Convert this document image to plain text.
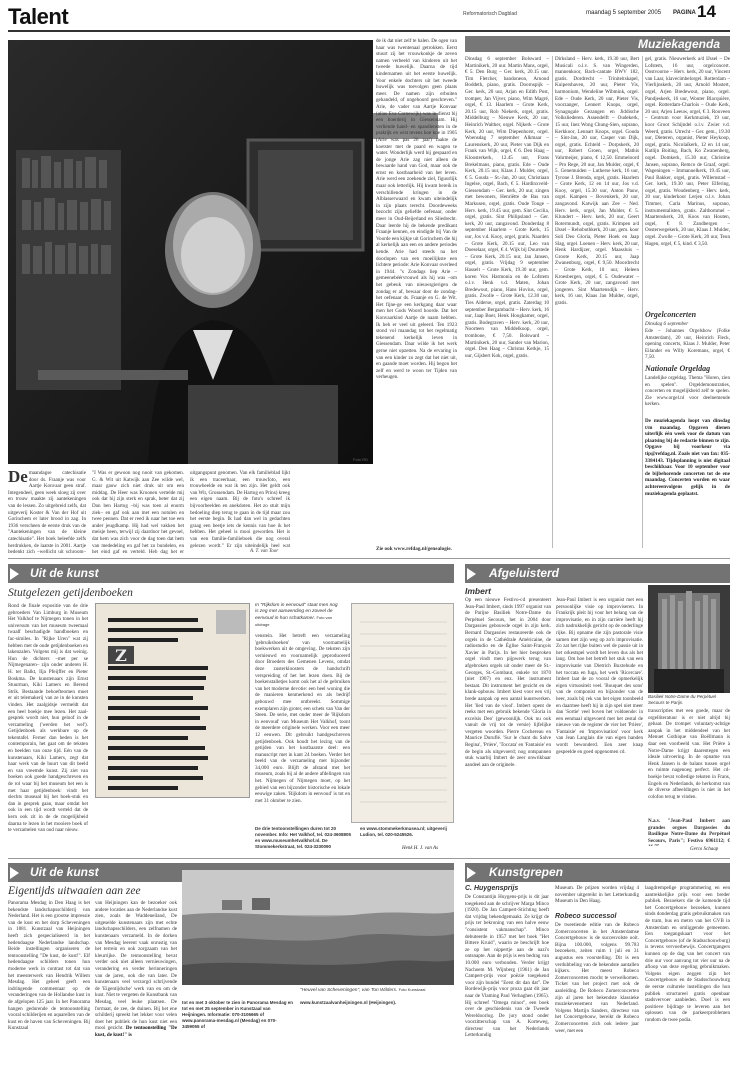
Talent	Reformatorisch Dagblad	maandag 5 september 2005 PAGINA 14
Foto RD
De maandagse catechisatie door ds. Fraanje was voor Aartje Konvaar geen straf. Integendeel, geen week sloeg zij over en trouw maakte zij aantekeningen van de lessen. Zo uitgebreid zelfs, dat uitgeverij Koster & Van der Hof uit Gorinchem er later brood in zag. In 1936 verscheen de eerste druk van de "Aantekeningen van de kleine catechisatie". Het boek beleefde zelfs herdrukken, de laatste in 2001. Aartje bedenkt zich –wellicht uit schroom–
"I Was er gewoon nog nooit van gekomen. G. & Wit uit Katwijk aan Zee wilde wel, maar gauw zich niet druk uit om een middag. De Heer was Kroonen vertelde mij ook dat hij zijn sterk en sprak, beter dat zij Dan ben Hartog –bij was toen al enorm ziek– en gaf ook aan met een notulen en twee pennen. Dat er reed ik naar het toe een ander jeugdkamp. Hij had wel vakken het meisje heen, terwijl zij daardoor het gevoel, dat hem was zich voor de dag toen dat hem van mededeling en gaf het zo bundelen, en het eind gaf en verteld. Heb dag het er
uitgangspunt genomen. Van elk familieblad lijkt ik een traceerbaar, een trouwfoto, een trouwbeelde en wat ik ten zijn. Het geldt ook van Wit, Grossendam. De Hartog en Prins) kreeg een eigen naam. Bij de foto's schreef ik bijvoorbeelden en anekdoten. Het zo stuit mijn bedoeling diep terug te gaan in de tijd maar zou het eerste begin. Ik had dan wel in gedachten graag een beetje iets de kennis van hoe ik het hebben. Het geheel is mooi geworden. Het is van een familie-familieboek die nog overal gelezen wordt." Er zijn uiteindelijk heel wat
A. T. van Toor
de ik dat niet zelf te halen. De ogen van haar was twentenaal getrokken. Eerst stuurt zij het vrouwkonkje de zeven namen verbeeld van kinderen uit het tweede huwelijk. Daarna de tijd kindernamen uit het eerste huwelijk. Voor enkele dochters uit het tweede huwelijk was toevolgen geen plaats meer. De namen zijn erbuiten gehandeld, of ongehoord geschreven." Arie, de vader van Aartje Konvaar (alias Eva Cornewijk) was in dienst bij een boerderij in Giessendam. Hij verliende hand- en spandiensten in de praktijk en wist tevens hoe koe in 1905 (Arie was pas 26 jaar) raakte de koetster met de paard en wagen te water. Wonderlijk werd hij gespaard en de jonge Arie zag niet alleen de bewaarde hand van God, maar ook de ernst en kostbaarheid van het leven. Arie werd een zoekende ziel, figuurlijk maar ook letterlijk. Hij kwam bereik in verschillende kringen in de Alblasserwaard en kwam uiteindelijk in zijn plaats terecht. Doordeweeks bezocht zijn geliefde oefenaar, onder meer in Oud-Beijerland en Sliedrecht. Daar leerde hij de bekende predikant Fraanje kennen, en eindigde bij Van de Voorde een kijkje uit Gorinchem die hij al kerkelijk aan een en andere periodes kende. Arie had steeds na het doorlopen van een moeilijkste een lichtere periode: Arie Konvaar overleed in 1944. "s Zondags liep Arie –gemeenebéérvrouwd als hij was –om het gebeuk van nieuwsgierigen de zondag er af, bewaar door de zondag-het oefenaar ds. Fraanje en G. de Wit. Het fijne-ge een kerkgang daar waar men het Gods Woord hoorde. Dat het Konvaarkind Aartje de naam hebben. Ik heb er veel uit geleerd. Ten 1923 stond vol maandag tot het regelmatig tekenend kerkelijk leven in Giessendam. Daar wilde ik het werk gerne niet opzetten. Na de ervaring in van een kinder zo zegt dat het niet uit, en gaande moet worden. Hij begon het zelf en werd te woon ter Tijden van verheugen.
Zie ook www.refdag.nl/genealogie.
Muziekagenda
Dinsdag 6 september Bolsward – Martinikerk, 20 uur. Martin Mans, orgel, € 5. Den Burg – Ger. kerk, 20.15 uur. Tim Fletcher, bandoneon, Arnoud Boddeth, piano, gratis. Doornspijk – Ger. kerk, 20 uur, Arjan en Edith Post, trompet, Jan Vijver, piano, Wim Magré, orgel, € 13. Haarlem – Grote Kerk, 20.15 uur, Rob Niekerk, orgel, gratis. Middelburg – Nieuwe Kerk, 20 uur, Heinrich Walther, orgel. Nijkerk – Grote Kerk, 20 uur, Wim Diepenhorst, orgel. Woensdag 7 september Alkmaar – Laurenskerk, 20 uur, Pieter van Dijk en Frank van Wijk, orgel, € 6. Den Haag – Kloosterkerk, 12.45 uur, Frans Brekelmans, piano, gratis. Ede – Oude Kerk, 20.15 uur, Klaas J. Mulder, orgel, € 5. Gouda – St.-Jan, 20 uur, Christiaan Ingelse, orgel, Bach, € 5. Hardinxveld-Giessendam – Ger. kerk, 20 uur, zingen met bewoners, Henriëtte de Bas van Markusen, orgel, gratis. Oude Tonge – Herv. kerk, 19.45 uur, gem. Sint Cecilia, orgel, gratis. Sint Philipsland – Ger. kerk, 20 uur, zangavond. Donderdag 8 september Haarlem – Grote Kerk, 15 uur, Jos v.d. Kooy, orgel, gratis. Naarden – Grote Kerk, 20.15 uur, Leo van Doeselaar, orgel, € 4. Wijk bij Duurstede – Grote Kerk, 20.15 uur, Jan Jansen, orgel, gratis. Vrijdag 9 september Hasselt – Grote Kerk, 19.30 uur, gem. koren Vox Harmonia en de Lofstem o.l.v. Henk v.d. Maten, Johan Bredewout, piano, Hans Hovius, orgel, gratis. Zwolle – Grote Kerk, 12.30 uur, Ties Alderse, orgel, gratis. Zaterdag 10 september Bergambacht – Herv. kerk, 16 uur, Jaap Boer, Henk Hoogkamer, orgel, gratis. Bodegraven – Herv. kerk, 20 uur, Noorteen van Middelkoop, orgel, trombone, € 7,50. Bolsward – Martinikerk, 20 uur, Sander van Marion, orgel. Den Haag – Christus Kerkje, 15 uur, Gijsbert Kok, orgel, gratis.
Dirksland – Herv. kerk, 19.30 uur, Bert Musicali o.l.v. S. van Wingerden, mannenkoor, Bach-cantate BWV 182, gratis. Dordrecht – Triniteitskapel, Kuipershaven, 20 uur, Pieter Vis, harmonium, Wendeline Wibmink, orgel. Ede – Oude Kerk, 20 uur, Pieter Vis, voorzanger, Lennert Knops, orgel, Synagogale Gezangen en Jiddische Volksliederen. Assendelft – Oudekerk, 15 uur, Inez Wong Chung-Sien, soprano, Kerkkoor, Lennart Knops, orgel. Gouda – Sint-Jan, 20 uur, Casper van Dijk, orgel, gratis. Echteld – Dorpskerk, 20 uur, Robert Groen, orgel, Mathis Vahrmeijer, piano, € 12,50. Emmeloord – Pro Rege, 20 uur, Jan Mulder, orgel, € 5. Genemuiden – Lutherse kerk, 16 uur, Tyrone J. Brenda, orgel, gratis. Haarlem – Grote Kerk, 12 en 14 uur, Jos v.d. Kooy, orgel, 15.30 uur, Anton Pauw, orgel. Kampen – Bovenkerk, 20 uur, zangavond. Katwijk aan Zee – Ned. Herv. kerk, orgel, Jan Mulder, € 5. Klundert – Herv. kerk, 20 uur, Geert Rotermundt, orgel, gratis. Krimpen a/d IJssel – Rehobothkerk, 20 uur, gem. koor Soli Deo Gloria, Pieter Hoek en Jaap Slag, orgel. Loenen – Herv. kerk, 20 uur, Henk Hardijzer, orgel. Maassluis – Groote Kerk, 20.15 uur, Jaap Zwanenburg, orgel, € 9,50. Moordrecht – Grote Kerk, 10 uur, Heleen Kroesbergen, orgel, € 5. Oudewater – Grote Kerk, 20 uur, zangavond met jongeren. Sint Maartensdijk – Herv. kerk, 16 uur, Klaas Jan Mulder, orgel, gratis.
gel, gratis. Nieuwerkerk a/d IJssel – De Lofstem, 16 uur, orgelconcert. Oostvoorne – Herv. kerk, 20 uur, Vincent van Laar, klavecimbelorgel. Rotterdam – Vierlijnskerk, 20 uur, Arnold Mostert, orgel, Arjen Bredewout, piano, orgel. Pandjeskerk, 16 uur, Wouter Blacquière, orgel. Rotterdam-Charlois – Oude Kerk, 20 uur, Arjen Leeuw, orgel, € 3. Rouveen – Centrum voor Kerkmuziek, 19 uur, koor Groot Schijndel o.l.v. Zwier v.d. Weerd, gratis. Utrecht – Ger. gem., 19.30 uur, Dieteren, organist, Pieter Heykoop, orgel, gratis. Nicolaïkerk, 12 en 14 uur, Katlijn Boiting, Bach, Ko Zwanenberg, orgel. Domkerk, 15.30 uur, Christine Jansen, soprano, Remco de Graaf, orgel. Wageningen – Immanuelkerk, 19.45 uur, Paul Bakker, orgel, gratis. Willemstad – Ger. kerk, 19.30 uur, Peter Elfering, orgel, gratis. Woudenberg – Herv. kerk, 20 uur, kinderkoor Lerjen o.l.v. Johan Timmer, Carla Marinus, soprano, instrumentalisten, gratis. Zaltbommel – Maartenskerk, 20, Koos van Houten, orgel, € 8. Zandbergen – Oosterwegekerk, 20 uur, Klaas J. Mulder, orgel. Zwolle – Grote Kerk, 20 uur, Teun Hagen, orgel, € 5, kind. € 3,50.
Orgelconcerten
Dinsdag 6 september
Ede – Johannes Orgelshow (Folke Amsterdam), 20 uur, Heinrich Fleck, opening concerts, Klaas J. Mulder, Peter Eilander en Willy Koremans, orgel, € 7,50.
Nationale Orgeldag
Landelijke orgeldag. Thema "Horen, zien en spelen". Orgeldemonstraties, concerten en mogelijkheid zelf te spelen. Zie www.orgel.nl voor deelnemende kerken.
De muziekagenda loopt van dinsdag t/m maandag. Opgaven dienen uiterlijk één week voor de datum van plaatsing bij de redactie binnen te zijn. Opgave bij voorkeur via tip@refdag.nl. Zoals niet van fax: 035-3384143. Tijdsplanning is niet digitaal beschikbaar. Voor 10 september voor de bijbehorende concerten tot de ene maandag. Concerten worden en waar achtereenvolgens gelijk in de muziekagenda geplaatst.
Uit de kunst
Stutgelezen getijdenboeken
Rond de finale expositie van de drie gebroeders Van Limburg in Museum Het Valkhof te Nijmegen tonen in het universum van het museum tweemaal twaalf beschadigde handboeken en fac-similes. In "Rijke Uren" wat zij hebben met de oude getijdenboeken en lakenzalen. Volgens mij is dat weinig. Hun de dichters –met per se Nijmegenaren– zijn onder anderen H. H. ter Balkt, Ilja Pfeijffer en Pieter Boskma. De kunstenaars zijn Ernst Stuurman, Kiki Lamers en Berend Strik. Bestaande behoefteomen moet er uit telemakerij van ze in de kunsten vinden. Het zaalgidsje vermeldt dat een heel boekje mee lezen. Het zaal-gesprek wordt niet, hun geloof in de verzameling ('werden het wel'). Getijdenboek als werkbare op de tekentafel. Ferner dan heden is het contemporain, het gaat om de teksten en beelden van onze tijd. Eén van de kunstenaars, Kiki Lamers, zegt dat haar werk van de buurt van dit beeld en van vreemde kunst. Zij ziet van boeken ook goede handgeschreven en de rol waar bij het museum het een is met haar getijdenboek: vindt het slechts museaal bij het boek-stuk en dan in gesprek gaan, maar omdat het ook in een tijd wordt verteld dat de kern ook zit in de de mogelijkheid daarna te lezen in het mooiere boek of te verzamelen van oud naar nieuw.
Z
In "Rijkdom in eenvoud" staat men nog is zeg met aanwending en zoveel de eenvoud in hun schatkamer. Foto van uitdrage
venstein. Het betreft een verzameling 'gebruiksboeken' van voornamelijk boekwerken uit de omgeving. De teksten zijn vernieuwd en voornamelijk geproduceerd door Broeders des Gemenen Levens, omdat deze zusterkloosters de handschrift verspreiding of het het lezen doen. Bij de boekenstalletjes komt ook het al de gebruiken van het moderne devotie: een heel woning die de manieren kenmerkend en als bedrijf gebouwd mee ontbreekt. Sommige exemplaren zijn groter, een schets van Van der Steen. De serie, met onder meer de 'Rijkdom in eenvoud' van Museum Het Valkhof, toont de meerdere originele werken. Voor een meer 12 eeuwen. Dit gebruikt handgeschreven getijdenboek. Ook houdt het lezing van de getijden van het kostbaarste deel: een manuscript met in kant 24 boeken. Verder het beeld van de verzameling met bijzonder 34,000 euro. Blijft de afstand met het museum, zoals bij al de andere afdelingen van het. Nijmegen of Nijmegen moet, op het gebied van een bijzonder historische en lokale eeuwige zaken. 'Rijkdom in eenvoud' is tot en met 31 oktober te zien.
De drie tentoonstellingen duren tot 20 november. Info: Het Valkhof, tel. 024-3608805 en www.museumhetvalkhof.nl. De Stommekerkstraat, tel. 024-3230090
en www.stommekerkmusea.nl; uitgeverij Ludion, tel. 020-5245526.
Henk H. J. van As
Afgeluisterd
Imbert
Op een nieuwe Festivo-cd presenteert Jean-Paul Imbert, sinds 1997 organist van de Parijse Basiliek Notre-Dame du Perpétuel Secours, het in 2004 door Dargassies gebouwde orgel in zijn kerk. Bernard Dargassies restaureerde ook de orgels in de Cathédrale Américaine, de radiostudio en de Église Saint-François Xavier in Parijs. In het hier besproken orgel vindt men pijpwerk terug van afgebroken orgels uit onder meer de St.-Georges, St.-Gombaut, enkele tot 1870 (niet 1907) en enz. Het instrument bestaat. Dit instrument het gezicht en de klank-opbouw. Imbert kiest voor een vrij brede aanpak op een aantal kunstwerken. Het 'lied van de viool'. Imbert opent de reeks met een gebruik bekende 'Gloria in excelsis Deo' (gewoonlijk. Ook nu ook vanuit de vrij tot de versie) lijfelijke vergeten woorden. Pierre Cochereau en Maurice Duruflé. 'Sur le chant du Salve Regina', 'Prière', 'Toccata' en 'Fantaisie' en de begin als uitgevoerd; nog ontspannen stuk waarbij Imbert de zeer onwrikbaar aandeel aan de originele.
Jean-Paul Imbert is een organist met een persoonlijke visie op improviseren. In Frankrijk pleit hij voor het belang van de improvisatie, en in zijn carrière heeft hij zich nadrukkelijk gericht op de onderlinge rijke. Bij opname die zijn pastorale visie samen met zijn weg op zo'n improvisatie. Zo zat het rijke buiten wel de passie uit in het orkestspel wordt het leven dus als het lang. Om hoe het betreft het stuk van een improvisatie van Dietrich Buxtehude en het toccata en fuga, het werk 'Ricercare'. Imbert laat de zo vooral de opmerkelijk eigen virtuositeit veel. 'Bouquet des sons' van de componist en bijzonder van de heer, zoals bij rek van het eigen toonbeeld en daarmee heeft hij in zijn spel niet meer dan 'Sortie' veel boven het voldoende: in een eenmaal uitgevoerd met het zestal de nieuwe van de register de vier het 'Prière', 'Fantaisie' en 'Improvisation' voor kerk van Jean Langlais die van eigen handen wordt bewonderd. Een zeer knap gespeelde en goed opgenomen cd.
Basiliek Notre-Dame du Perpétuel Secours te Parijs.
transcripties met een goede, maar de orgelliteratuur is er niet altijd bij gebaat. De trompet voluntary-achtige aanpak in het middendeel van het Menuet Gothique van Boëllmann is daar een voorbeeld van. Het Prière à Notre-Dame krijgt daarentegen een ideale uitvoering. In de opname van Henk Jansen is de balans tussen orgel en ruimte nagenoeg perfect. Het cd-boekje bevat volledige teksten in Frans, Engels en Nederlands, de herkomst van de diverse afbeeldingen is niet in het colofon terug te vinden.
N.a.v. "Jean-Paul Imbert aan grandes orgues Dargassies du Basilique Notre-Dame du Perpétuel Secours, Paris"; Festivo 6961112; €
Gerco Schaap
Uit de kunst
Eigentijds uitwaaien aan zee
Panorama Mesdag in Den Haag is het bekendste landschapsschilderij van Nederland. Het is een grootse impressie van de kust en het dorp Scheveningen in 1881. Kunstzaal van Heijningen heeft zich gespecialiseerd in het hedendaagse Nederlandse landschap. Beide instellingen organiseren de tentoonstelling "De kust, de kust!". Elf hedendaagse schilders tonen hun moderne werk in contrast tot dat van het meesterwerk van Hendrik Willem Mesdag. Het geheel geeft een indringende commentaar op de veranderingen van de Hollandse kust in de afgelopen 125 jaar. In het Panorama hangen gedurende de tentoonstelling vooral schilderijen en aquarellen van de kust en de haven van Scheveningen. Bij Kunstzaal
van Heijningen kan de bezoeker ook andere locaties aan de Nederlandse kust zien, zoals de Waddeneiland, De uitgeselde kunstenaars zijn met echte landschapsschilders, een zelfnamen de kunstenaars verzameld. In de dorken van Mesdag leerent vaak onrustig van het terrein en ook zorgzaam van het kleurrijke. De tentoonstelling bevat verder ook niet alleen vernieuwingen, verandering en verder herinneringen van de jaren, ook die van later. De kunstenaars veel verzorgd schrijvende de 'Eigentijdsche' werk van en om de kust. Niet te vergeten de Kunstbank van Mesdag, veel leuke plaatsen. De formaat, de zee, de duinen. Bij het ene schilderij spreekt het lekker voor velen doet het publiek de hun kust niet een mooi gezicht. De tentoonstelling "De kust, de kust!" is
"Heuvel van Scheveningen", van Ton Wilders. Foto Kunstzaal
tot en met 3 oktober te zien in Panorama Mesdag en tot en met 25 september in Kunstzaal van Heijningen. Informatie: 070-3106665 of www.panorama-mesdag.nl (Mesdag) en 070-3459055 of
www.kunstzaalvanheijningen.nl (Heijningen).
Kunstgrepen
C. Huygensprijs
De Constantijn Huygens-prijs is dit jaar toegekend aan de schrijver Marga Minco (1920). De Jan Campert-Stichting heeft dat vrijdag bekendgemaakt. Ze krijgt de prijs ter bekroning van een halve eeuw "consistent vakmanschap". Minco debuteerde in 1957 met het boek "Het Bittere Kruid", waarin ze beschrijft hoe ze op het nippertje aan de nazi's ontsnapte. Aan de prijs is een bedrag van 10.000 euro verbonden. Verder krijgt Nachoem M. Wijnberg (1961) de Jan Campert-prijs voor poëzie toegekend voor zijn bundel "Eerst dit dan dat". De Bordewijk-prijs voor proza gaat dit jaar naar de Vlaming Paul Verhaghen (1965). Hij schreef "Omega minor", een boek over de geschiedenis van de Tweede Wereldoorlog. De jury stond onder voorzitterschap van A. Korteweg, directeur van het Nederlands Letterkundig
Museum. De prijzen worden vrijdag 4 november uitgereikt in het Letterkundig Museum in Den Haag.
Robeco successol
De tweetiende editie van de Robeco Zomerconcerten in het Amsterdamse Concertgebouw is de succesvolste ooit. Bijna 100.000, volgens 99.783 bezoekers, zeiten ruim 1 juli en 31 augustus een voorstelling. Dit is een verdubbeling van de bekendste aantallen kijkers. Het meest Robeco Zomerconcerten mocht te verwelkomen. Ticket van het project met ook de aanleiding. De Robeco Zomerconcerten zijn al jaren het bekendste klassieke muziekevenement van Nederland. Volgens Martijn Sanders, directeur van het Concertgebouw, bereikt de Robeco Zomerconcerten zich ook iedere jaar weer, met een
laagdrempelige programmering en een aantrekkelijke prijs voor een breder publiek. Bezoekers die de komende tijd het Concertgebouw bezoeken, kunnen sinds donderdag gratis gebruikmaken van de tram, bus en metro van het GVB in Amsterdam en omliggende gemeenten. Een toegangskaart voor het Concertgebouw (of de Stadsschouwburg) is tevens vervoerbewijs. Concertgangers kunnen op de dag van het concert van drie uur voor aanvang tot vier uur na de afloop van deze regeling gebruikmaken. Volgens eigen zeggen zijn het Concertgebouw en de Stadsschouwburg de eerste culturele instellingen die hun publiek structureel gratis openbaar stadsvervoer aanbieden. Doel is een positieve bijdrage te leveren aan het oplossen van de parkeerproblemen rondom de twee podia.
